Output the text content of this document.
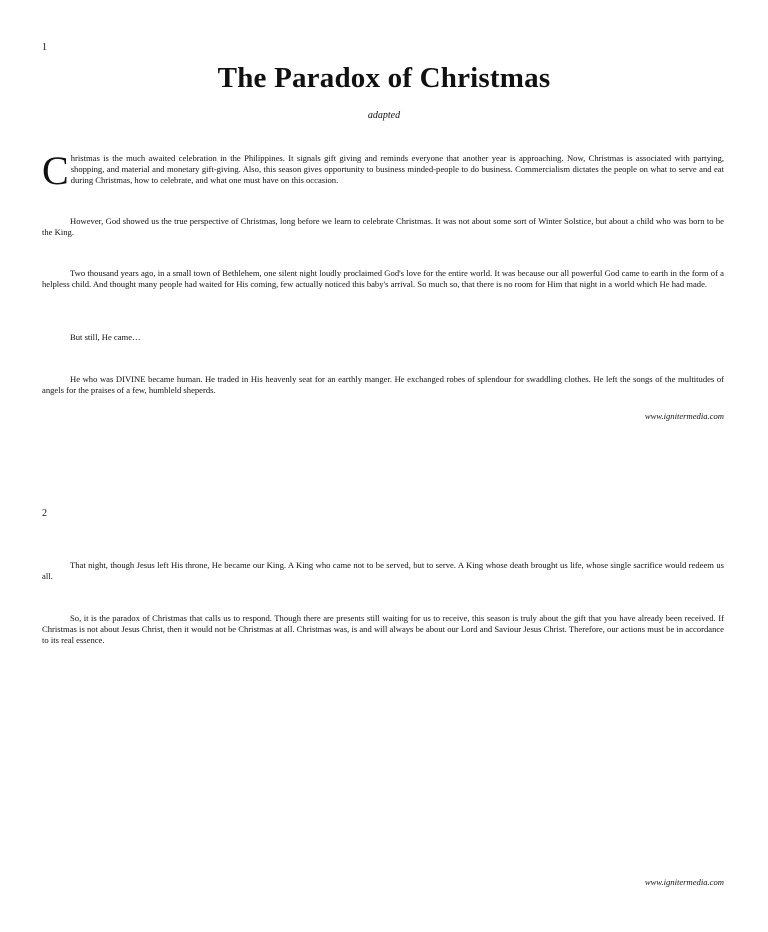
1
The Paradox of Christmas
adapted

Christmas is the much awaited celebration in the Philippines. It signals gift giving and reminds everyone that another year is approaching. Now, Christmas is associated with partying, shopping, and material and monetary gift-giving. Also, this season gives opportunity to business minded-people to do business. Commercialism dictates the people on what to serve and eat during Christmas, how to celebrate, and what one must have on this occasion.

However, God showed us the true perspective of Christmas, long before we learn to celebrate Christmas. It was not about some sort of Winter Solstice, but about a child who was born to be the King.

Two thousand years ago, in a small town of Bethlehem, one silent night loudly proclaimed God's love for the entire world. It was because our all powerful God came to earth in the form of a helpless child. And thought many people had waited for His coming, few actually noticed this baby's arrival. So much so, that there is no room for Him that night in a world which He had made.

But still, He came…

He who was DIVINE became human. He traded in His heavenly seat for an earthly manger. He exchanged robes of splendour for swaddling clothes. He left the songs of the multitudes of angels for the praises of a few, humbleld sheperds.

www.ignitermedia.com
2

That night, though Jesus left His throne, He became our King. A King who came not to be served, but to serve. A King whose death brought us life, whose single sacrifice would redeem us all.

So, it is the paradox of Christmas that calls us to respond. Though there are presents still waiting for us to receive, this season is truly about the gift that you have already been received. If Christmas is not about Jesus Christ, then it would not be Christmas at all. Christmas was, is and will always be about our Lord and Saviour Jesus Christ. Therefore, our actions must be in accordance to its real essence.

www.ignitermedia.com
